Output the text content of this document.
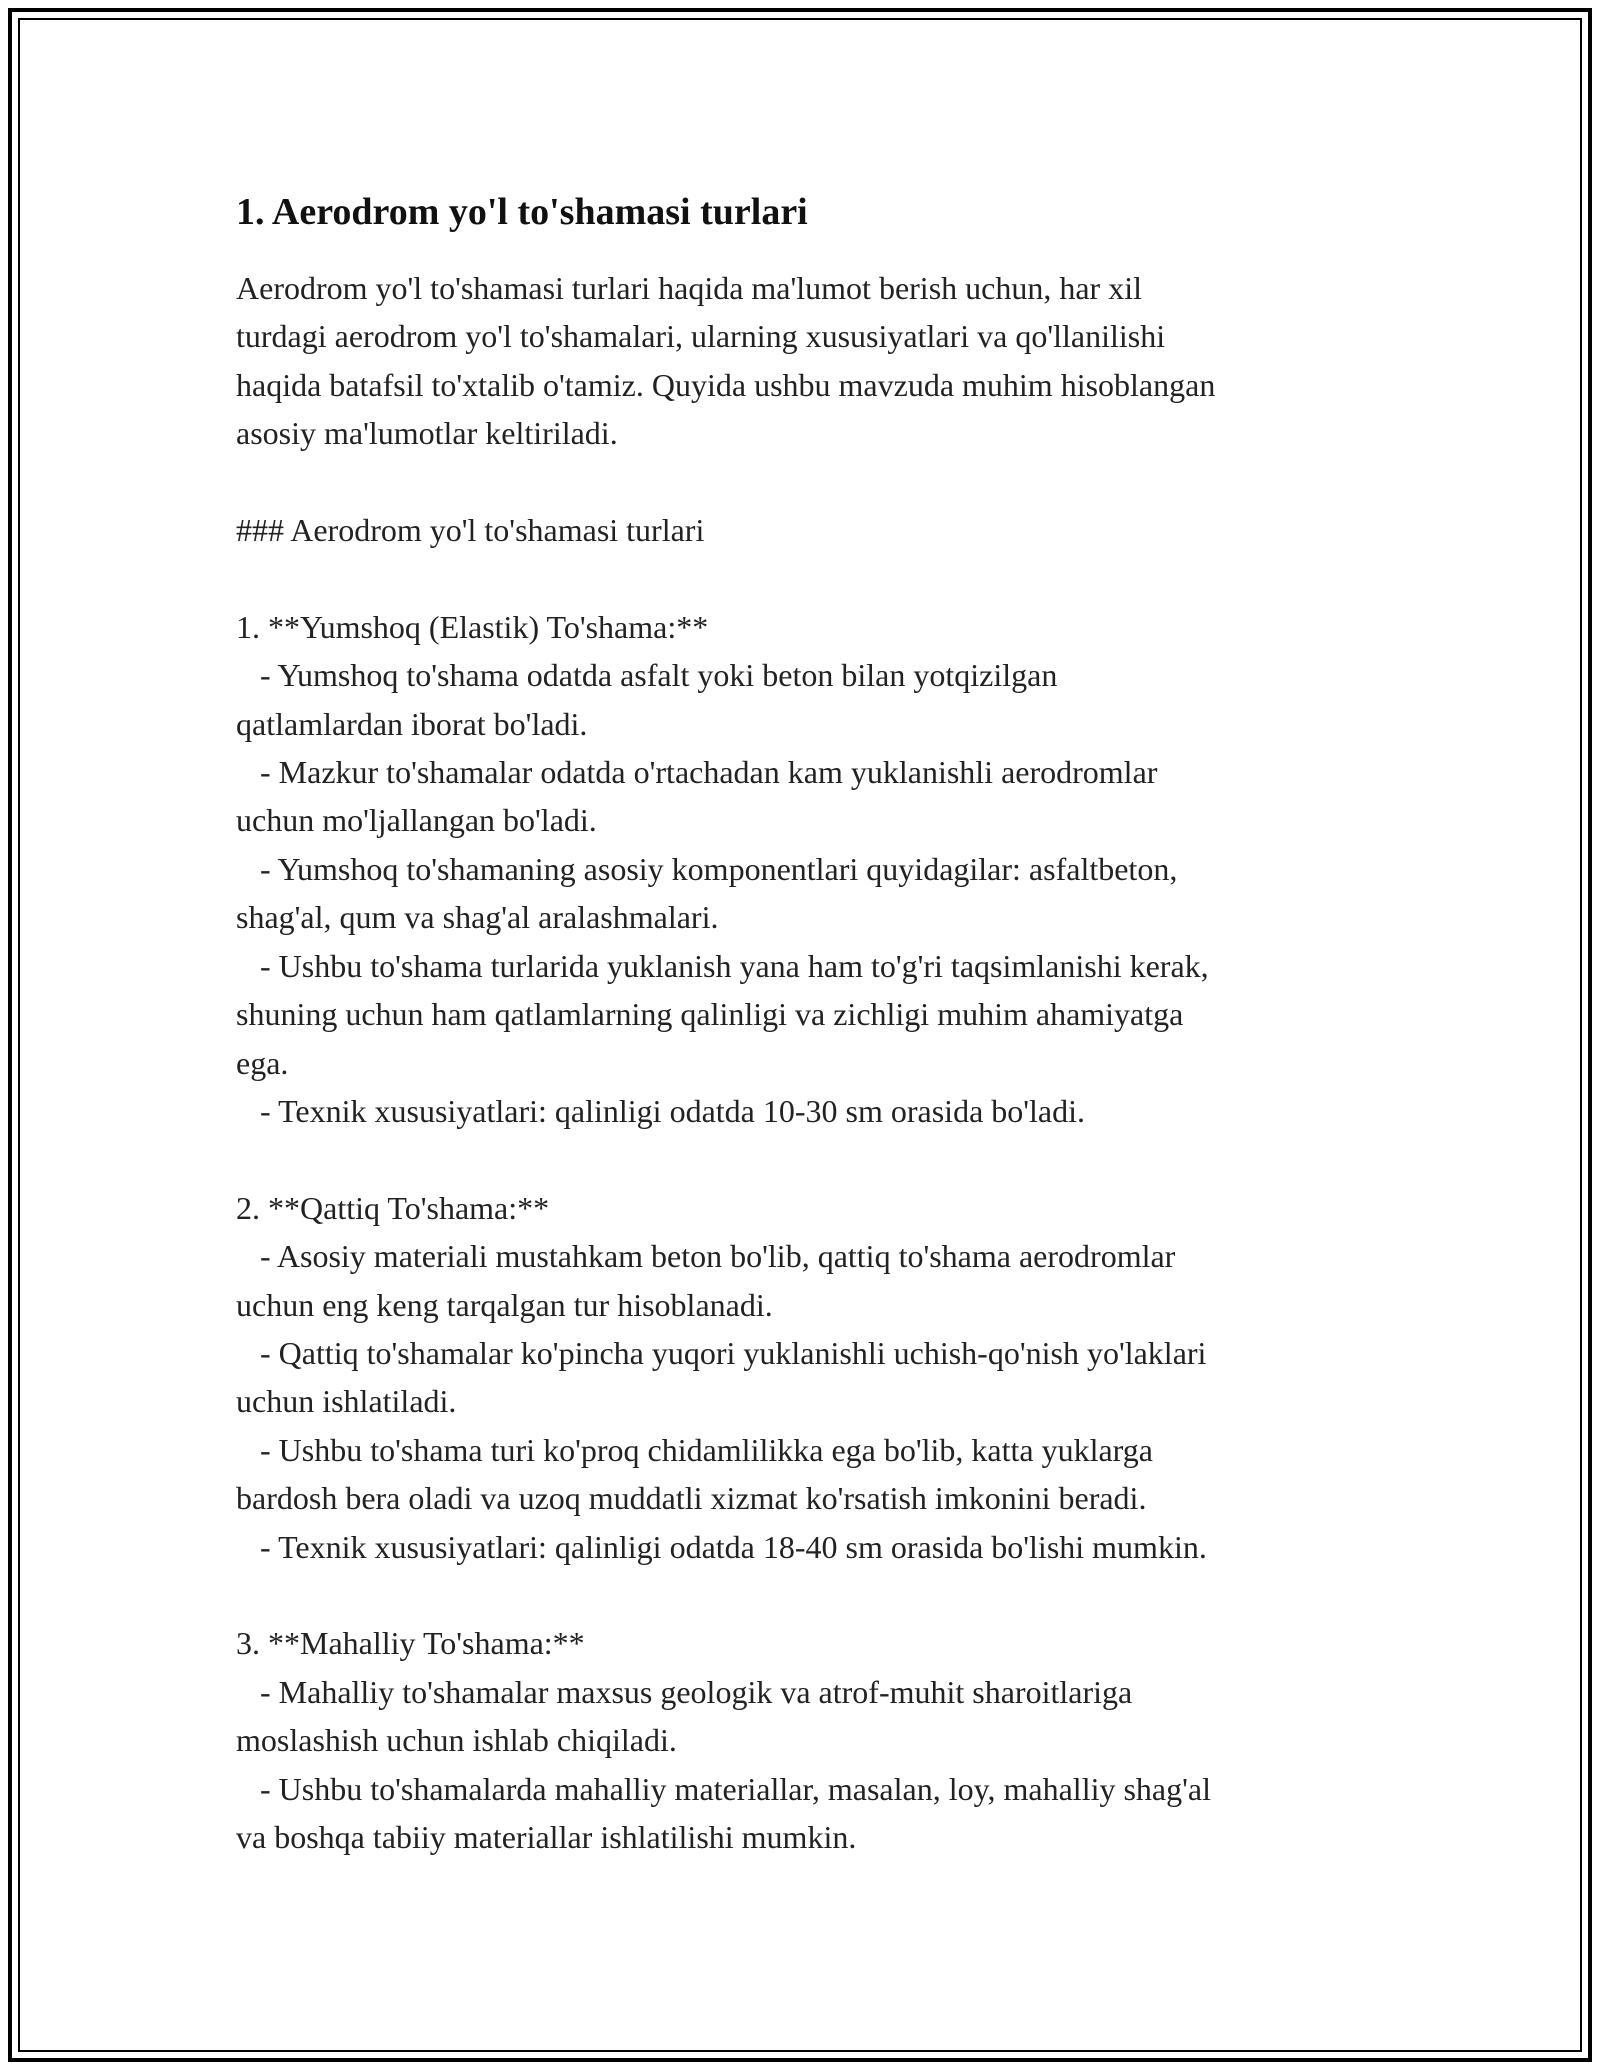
1. Aerodrom yo'l to'shamasi turlari

Aerodrom yo'l to'shamasi turlari haqida ma'lumot berish uchun, har xil
turdagi aerodrom yo'l to'shamalari, ularning xususiyatlari va qo'llanilishi
haqida batafsil to'xtalib o'tamiz. Quyida ushbu mavzuda muhim hisoblangan
asosiy ma'lumotlar keltiriladi.

### Aerodrom yo'l to'shamasi turlari

1. **Yumshoq (Elastik) To'shama:**
- Yumshoq to'shama odatda asfalt yoki beton bilan yotqizilgan
qatlamlardan iborat bo'ladi.
- Mazkur to'shamalar odatda o'rtachadan kam yuklanishli aerodromlar
uchun mo'ljallangan bo'ladi.
- Yumshoq to'shamaning asosiy komponentlari quyidagilar: asfaltbeton,
shag'al, qum va shag'al aralashmalari.
- Ushbu to'shama turlarida yuklanish yana ham to'g'ri taqsimlanishi kerak,
shuning uchun ham qatlamlarning qalinligi va zichligi muhim ahamiyatga
ega.
- Texnik xususiyatlari: qalinligi odatda 10-30 sm orasida bo'ladi.

2. **Qattiq To'shama:**
- Asosiy materiali mustahkam beton bo'lib, qattiq to'shama aerodromlar
uchun eng keng tarqalgan tur hisoblanadi.
- Qattiq to'shamalar ko'pincha yuqori yuklanishli uchish-qo'nish yo'laklari
uchun ishlatiladi.
- Ushbu to'shama turi ko'proq chidamlilikka ega bo'lib, katta yuklarga
bardosh bera oladi va uzoq muddatli xizmat ko'rsatish imkonini beradi.
- Texnik xususiyatlari: qalinligi odatda 18-40 sm orasida bo'lishi mumkin.

3. **Mahalliy To'shama:**
- Mahalliy to'shamalar maxsus geologik va atrof-muhit sharoitlariga
moslashish uchun ishlab chiqiladi.
- Ushbu to'shamalarda mahalliy materiallar, masalan, loy, mahalliy shag'al
va boshqa tabiiy materiallar ishlatilishi mumkin.
